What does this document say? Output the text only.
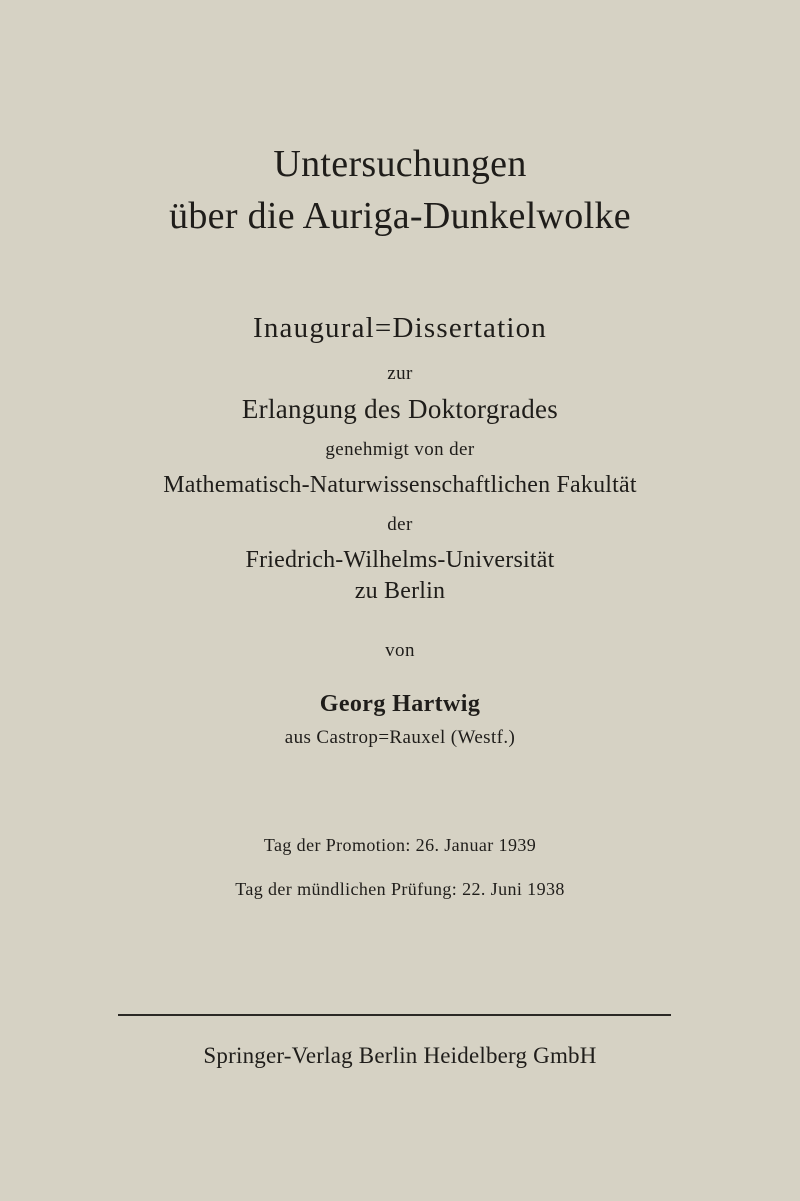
Untersuchungen
über die Auriga-Dunkelwolke
Inaugural=Dissertation
zur
Erlangung des Doktorgrades
genehmigt von der
Mathematisch-Naturwissenschaftlichen Fakultät
der
Friedrich-Wilhelms-Universität
zu Berlin
von
Georg Hartwig
aus Castrop=Rauxel (Westf.)
Tag der Promotion: 26. Januar 1939
Tag der mündlichen Prüfung: 22. Juni 1938
Springer-Verlag Berlin Heidelberg GmbH
